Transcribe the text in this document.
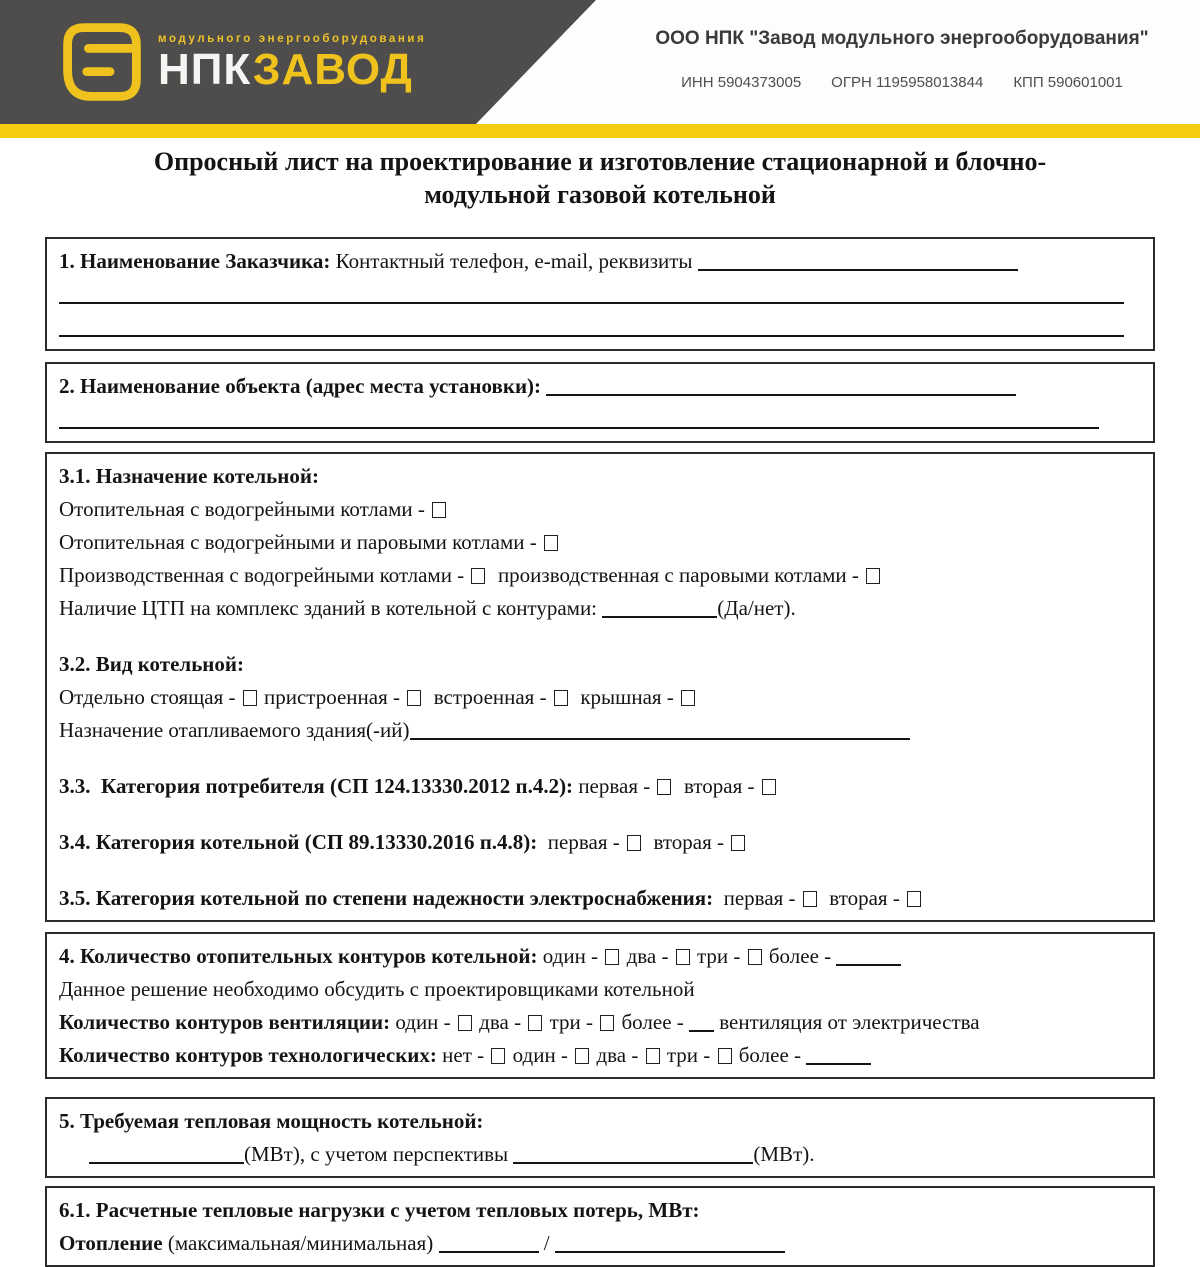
модульного энергооборудования
НПКЗАВОД
ООО НПК "Завод модульного энергооборудования"
ИНН 5904373005 ОГРН 1195958013844 КПП 590601001
Опросный лист на проектирование и изготовление стационарной и блочно-
модульной газовой котельной
1. Наименование Заказчика: Контактный телефон, e-mail, реквизиты
2. Наименование объекта (адрес места установки):
3.1. Назначение котельной:
Отопительная с водогрейными котлами -
Отопительная с водогрейными и паровыми котлами -
Производственная с водогрейными котлами -   производственная с паровыми котлами -
Наличие ЦТП на комплекс зданий в котельной с контурами:	(Да/нет).
3.2. Вид котельной:
Отдельно стоящая -  пристроенная -   встроенная -   крышная -
Назначение отапливаемого здания(-ий)
3.3.  Категория потребителя (СП 124.13330.2012 п.4.2): первая -   вторая -
3.4. Категория котельной (СП 89.13330.2016 п.4.8):  первая -   вторая -
3.5. Категория котельной по степени надежности электроснабжения:  первая -   вторая -
4. Количество отопительных контуров котельной: один -  два -  три -  более -
Данное решение необходимо обсудить с проектировщиками котельной
Количество контуров вентиляции: один -  два -  три -  более -  вентиляция от электричества
Количество контуров технологических: нет -  один -  два -  три -  более -
5. Требуемая тепловая мощность котельной:
(МВт), с учетом перспективы	(МВт).
6.1. Расчетные тепловые нагрузки с учетом тепловых потерь, МВт:
Отопление (максимальная/минимальная)	/
